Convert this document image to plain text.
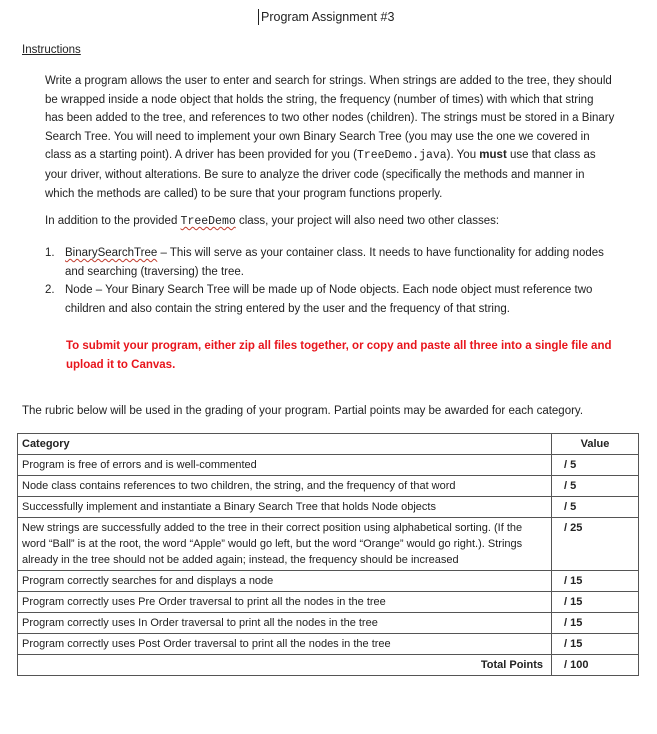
Program Assignment #3
Instructions
Write a program allows the user to enter and search for strings. When strings are added to the tree, they should be wrapped inside a node object that holds the string, the frequency (number of times) with which that string has been added to the tree, and references to two other nodes (children). The strings must be stored in a Binary Search Tree. You will need to implement your own Binary Search Tree (you may use the one we covered in class as a starting point). A driver has been provided for you (TreeDemo.java). You must use that class as your driver, without alterations. Be sure to analyze the driver code (specifically the methods and manner in which the methods are called) to be sure that your program functions properly.
In addition to the provided TreeDemo class, your project will also need two other classes:
1. BinarySearchTree – This will serve as your container class. It needs to have functionality for adding nodes and searching (traversing) the tree.
2. Node – Your Binary Search Tree will be made up of Node objects. Each node object must reference two children and also contain the string entered by the user and the frequency of that string.
To submit your program, either zip all files together, or copy and paste all three into a single file and upload it to Canvas.
The rubric below will be used in the grading of your program. Partial points may be awarded for each category.
Category	Value
Program is free of errors and is well-commented	/ 5
Node class contains references to two children, the string, and the frequency of that word	/ 5
Successfully implement and instantiate a Binary Search Tree that holds Node objects	/ 5
New strings are successfully added to the tree in their correct position using alphabetical sorting. (If the word “Ball” is at the root, the word “Apple” would go left, but the word “Orange” would go right.). Strings already in the tree should not be added again; instead, the frequency should be increased	/ 25
Program correctly searches for and displays a node	/ 15
Program correctly uses Pre Order traversal to print all the nodes in the tree	/ 15
Program correctly uses In Order traversal to print all the nodes in the tree	/ 15
Program correctly uses Post Order traversal to print all the nodes in the tree	/ 15
Total Points	/ 100
